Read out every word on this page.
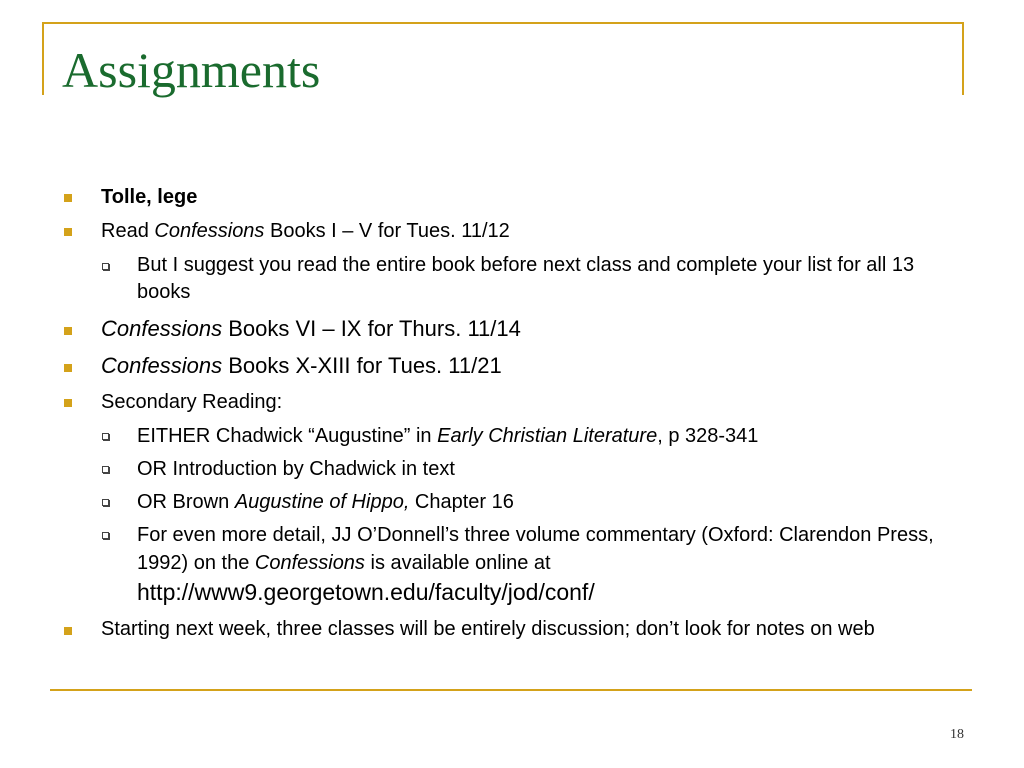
Assignments
Tolle, lege
Read Confessions Books I – V for Tues. 11/12
But I suggest you read the entire book before next class and complete your list for all 13 books
Confessions Books VI – IX for Thurs. 11/14
Confessions Books X-XIII for Tues. 11/21
Secondary Reading:
EITHER Chadwick “Augustine” in Early Christian Literature, p 328-341
OR Introduction by Chadwick in text
OR Brown Augustine of Hippo, Chapter 16
For even more detail, JJ O’Donnell’s three volume commentary (Oxford: Clarendon Press, 1992) on the Confessions is available online at
http://www9.georgetown.edu/faculty/jod/conf/
Starting next week, three classes will be entirely discussion; don’t look for notes on web
18
